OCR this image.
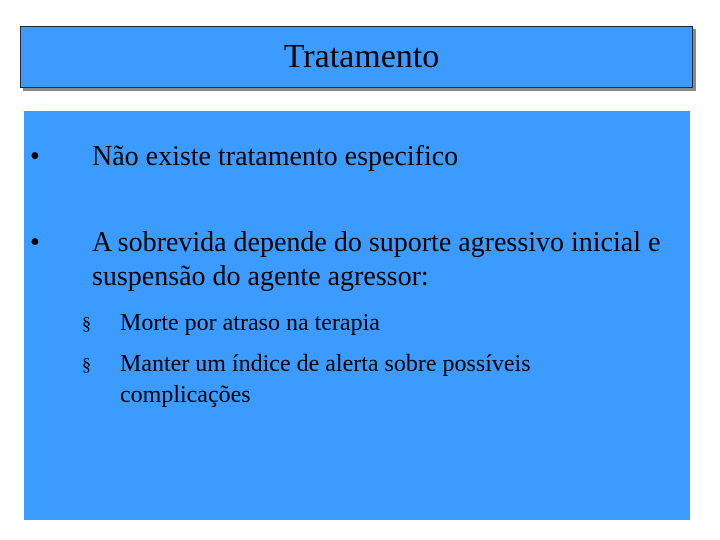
Tratamento
• Não existe tratamento especifico
• A sobrevida depende do suporte agressivo inicial e suspensão do agente agressor:
§ Morte por atraso na terapia
§ Manter um índice de alerta sobre possíveis complicações
